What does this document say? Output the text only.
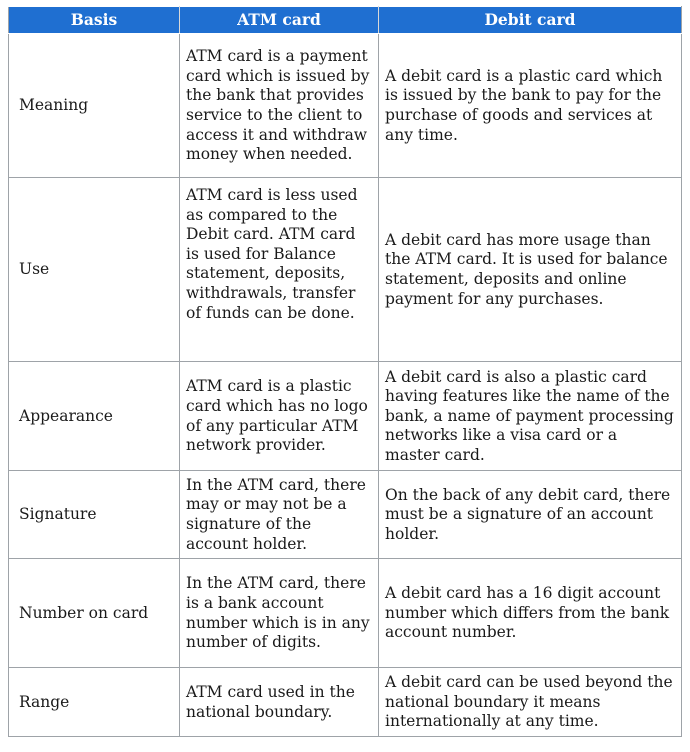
Basis	ATM card	Debit card
Meaning	ATM card is a payment card which is issued by the bank that provides service to the client to access it and withdraw money when needed.	A debit card is a plastic card which is issued by the bank to pay for the purchase of goods and services at any time.
Use	ATM card is less used as compared to the Debit card. ATM card is used for Balance statement, deposits, withdrawals, transfer of funds can be done.	A debit card has more usage than the ATM card. It is used for balance statement, deposits and online payment for any purchases.
Appearance	ATM card is a plastic card which has no logo of any particular ATM network provider.	A debit card is also a plastic card having features like the name of the bank, a name of payment processing networks like a visa card or a master card.
Signature	In the ATM card, there may or may not be a signature of the account holder.	On the back of any debit card, there must be a signature of an account holder.
Number on card	In the ATM card, there is a bank account number which is in any number of digits.	A debit card has a 16 digit account number which differs from the bank account number.
Range	ATM card used in the national boundary.	A debit card can be used beyond the national boundary it means internationally at any time.
